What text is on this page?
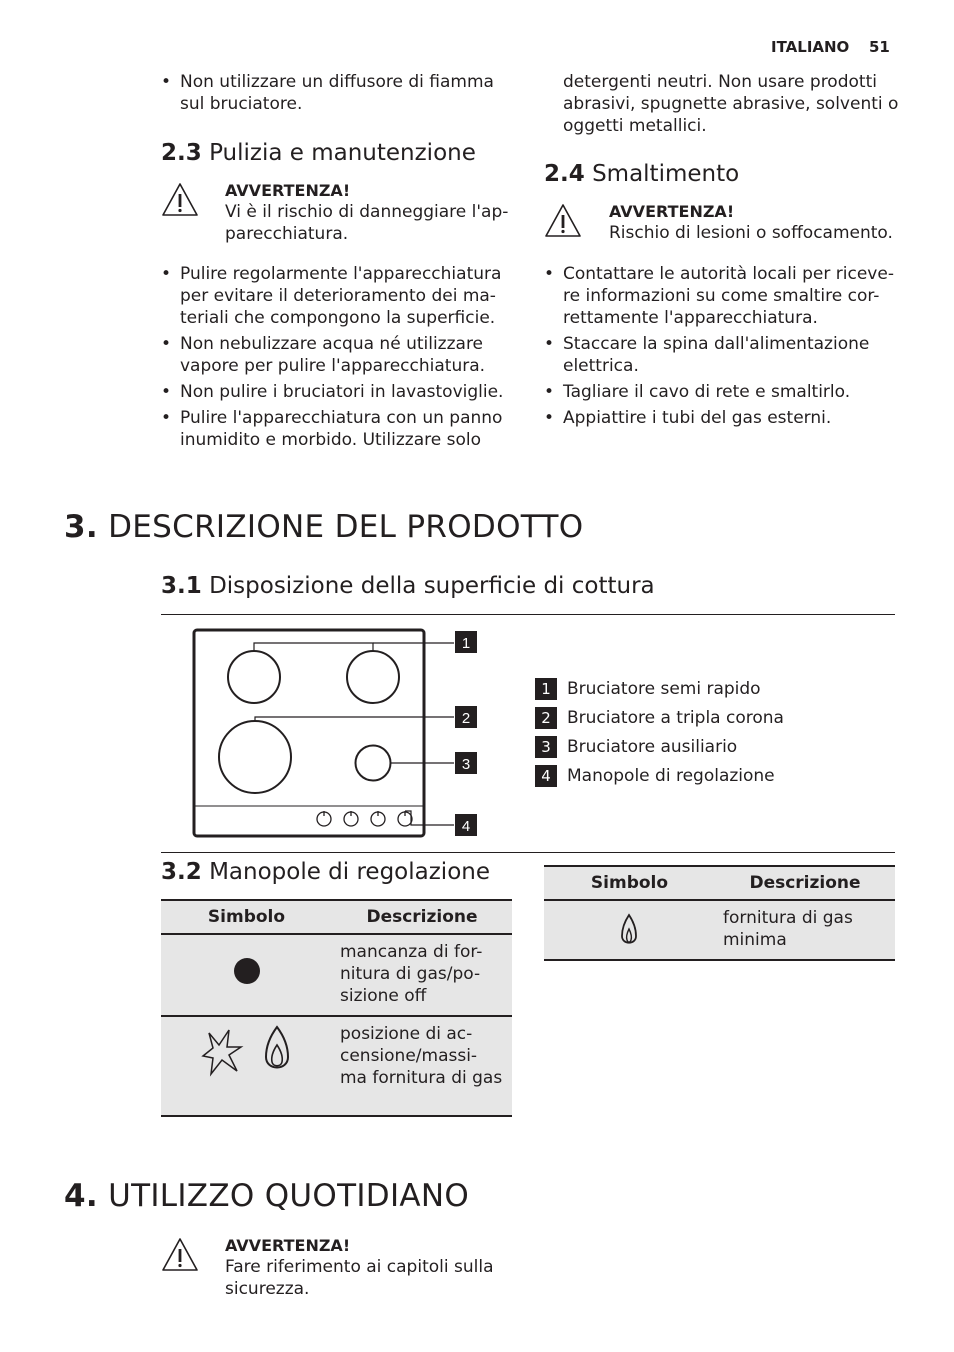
ITALIANO 51
• Non utilizzare un diffusore di fiamma sul bruciatore.
2.3 Pulizia e manutenzione
AVVERTENZA!
Vi è il rischio di danneggiare l'ap-
parecchiatura.
• Pulire regolarmente l'apparecchiatura per evitare il deterioramento dei ma-teriali che compongono la superficie.
• Non nebulizzare acqua né utilizzare vapore per pulire l'apparecchiatura.
• Non pulire i bruciatori in lavastoviglie.
• Pulire l'apparecchiatura con un panno inumidito e morbido. Utilizzare solo
detergenti neutri. Non usare prodotti abrasivi, spugnette abrasive, solventi o oggetti metallici.
2.4 Smaltimento
AVVERTENZA!
Rischio di lesioni o soffocamento.
• Contattare le autorità locali per riceve-re informazioni su come smaltire cor-rettamente l'apparecchiatura.
• Staccare la spina dall'alimentazione elettrica.
• Tagliare il cavo di rete e smaltirlo.
• Appiattire i tubi del gas esterni.
3. DESCRIZIONE DEL PRODOTTO
3.1 Disposizione della superficie di cottura
1
2
3
4
1 Bruciatore semi rapido
2 Bruciatore a tripla corona
3 Bruciatore ausiliario
4 Manopole di regolazione
3.2 Manopole di regolazione
Simbolo	Descrizione
	mancanza di for-nitura di gas/po-sizione off

	posizione di ac-censione/massi-ma fornitura di gas
Simbolo	Descrizione
	fornitura di gas minima
4. UTILIZZO QUOTIDIANO
AVVERTENZA!
Fare riferimento ai capitoli sulla sicurezza.
